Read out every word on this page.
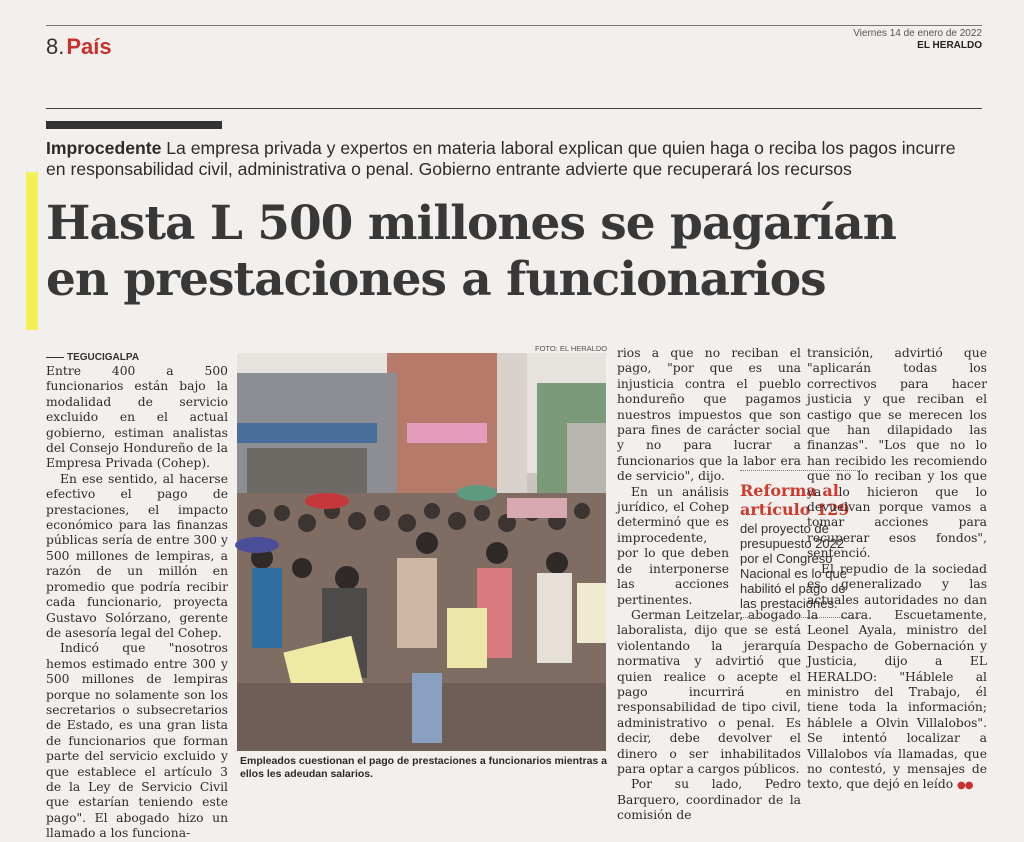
8.País
Viernes 14 de enero de 2022
EL HERALDO
Improcedente La empresa privada y expertos en materia laboral explican que quien haga o reciba los pagos incurre en responsabilidad civil, administrativa o penal. Gobierno entrante advierte que recuperará los recursos
Hasta L 500 millones se pagarían
en prestaciones a funcionarios
TEGUCIGALPA

Entre 400 a 500 funcionarios están bajo la modalidad de servicio excluido en el actual gobierno, estiman analistas del Consejo Hondureño de la Empresa Privada (Cohep).

En ese sentido, al hacerse efectivo el pago de prestaciones, el impacto económico para las finanzas públicas sería de entre 300 y 500 millones de lempiras, a razón de un millón en promedio que podría recibir cada funcionario, proyecta Gustavo Solórzano, gerente de asesoría legal del Cohep.

Indicó que "nosotros hemos estimado entre 300 y 500 millones de lempiras porque no solamente son los secretarios o subsecretarios de Estado, es una gran lista de funcionarios que forman parte del servicio excluido y que establece el artículo 3 de la Ley de Servicio Civil que estarían teniendo este pago". El abogado hizo un llamado a los funciona-

FOTO: EL HERALDO
Empleados cuestionan el pago de prestaciones a funcionarios mientras a ellos les adeudan salarios.

rios a que no reciban el pago, "por que es una injusticia contra el pueblo hondureño que pagamos nuestros impuestos que son para fines de carácter social y no para lucrar a funcionarios que la labor era de servicio", dijo.

En un análisis jurídico, el Cohep determinó que es improcedente, por lo que deben de interponerse las acciones pertinentes.

German Leitzelar, abogado laboralista, dijo que se está violentando la jerarquía normativa y advirtió que quien realice o acepte el pago incurrirá en responsabilidad de tipo civil, administrativo o penal. Es decir, debe devolver el dinero o ser inhabilitados para optar a cargos públicos.

Por su lado, Pedro Barquero, coordinador de la comisión de

Reforma al artículo 129
del proyecto de presupuesto 2022 por el Congreso Nacional es lo que habilitó el pago de las prestaciones.

transición, advirtió que "aplicarán todas los correctivos para hacer justicia y que reciban el castigo que se merecen los que han dilapidado las finanzas". "Los que no lo han recibido les recomiendo que no lo reciban y los que ya lo hicieron que lo devuelvan porque vamos a tomar acciones para recuperar esos fondos", sentenció.

El repudio de la sociedad es generalizado y las actuales autoridades no dan la cara. Escuetamente, Leonel Ayala, ministro del Despacho de Gobernación y Justicia, dijo a EL HERALDO: "Háblele al ministro del Trabajo, él tiene toda la información; háblele a Olvin Villalobos". Se intentó localizar a Villalobos vía llamadas, que no contestó, y mensajes de texto, que dejó en leído ●●
